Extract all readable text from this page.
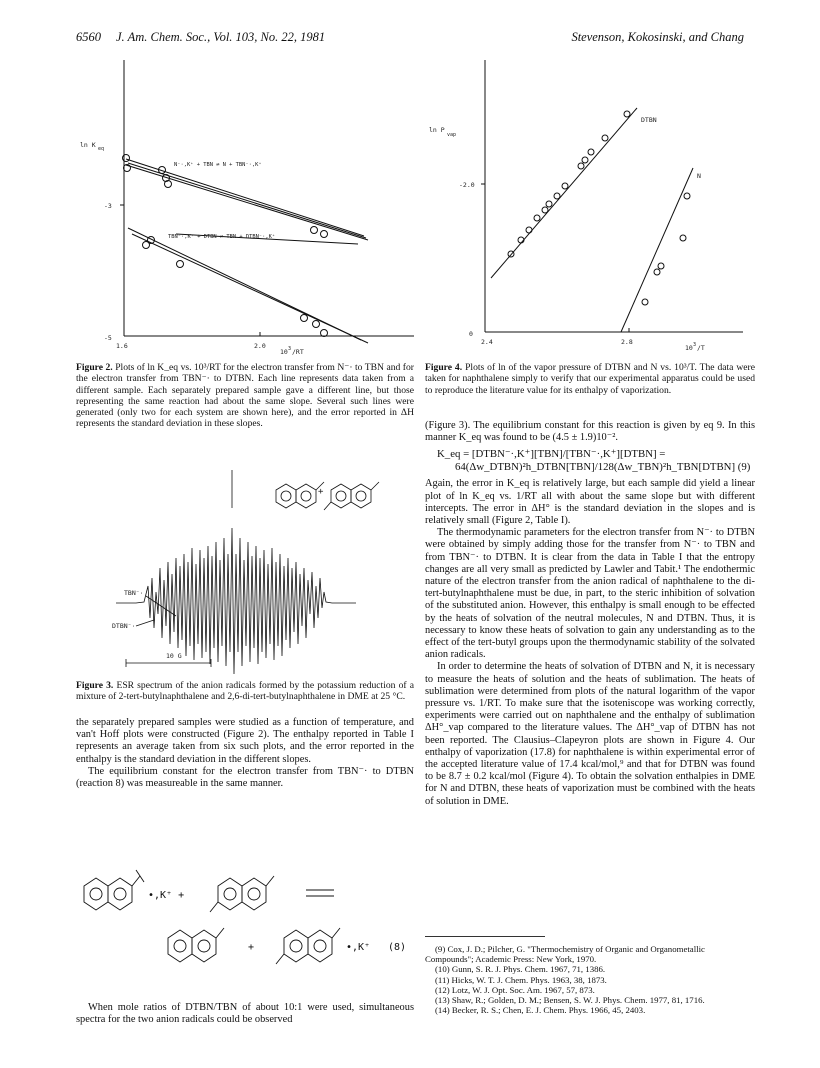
6560 J. Am. Chem. Soc., Vol. 103, No. 22, 1981	Stevenson, Kokosinski, and Chang
ln K eq
-3
-5
1.6	2.0
10 3 /RT
N⁻·,K⁺ + TBN ⇌ N + TBN⁻·,K⁺
TBN⁻·,K⁺ + DTBN ⇌ TBN + DTBN⁻·,K⁺
Figure 2. Plots of ln K_eq vs. 10³/RT for the electron transfer from N⁻· to TBN and for the electron transfer from TBN⁻· to DTBN. Each line represents data taken from a different sample. Each separately prepared sample gave a different line, but those representing the same reaction had about the same slope. Several such lines were generated (only two for each system are shown here), and the error reported in ΔH represents the standard deviation in these slopes.
TBN⁻·
DTBN⁻·
10 G
+
Figure 3. ESR spectrum of the anion radicals formed by the potassium reduction of a mixture of 2-tert-butylnaphthalene and 2,6-di-tert-butylnaphthalene in DME at 25 °C.

the separately prepared samples were studied as a function of temperature, and van't Hoff plots were constructed (Figure 2). The enthalpy reported in Table I represents an average taken from six such plots, and the error reported in the enthalpy is the standard deviation in the different slopes.

The equilibrium constant for the electron transfer from TBN⁻· to DTBN (reaction 8) was measureable in the same manner.

•,K⁺ +
+	•,K⁺ (8)

When mole ratios of DTBN/TBN of about 10:1 were used, simultaneous spectra for the two anion radicals could be observed

ln P
vap
-2.0
0
2.4	2.8
10 3 /T
DTBN
N
Figure 4. Plots of ln of the vapor pressure of DTBN and N vs. 10³/T. The data were taken for naphthalene simply to verify that our experimental apparatus could be used to reproduce the literature value for its enthalpy of vaporization.

(Figure 3). The equilibrium constant for this reaction is given by eq 9. In this manner K_eq was found to be (4.5 ± 1.9)10⁻².

K_eq = [DTBN⁻·,K⁺][TBN]/[TBN⁻·,K⁺][DTBN] =
64(Δw_DTBN)²h_DTBN[TBN]/128(Δw_TBN)²h_TBN[DTBN] (9)

Again, the error in K_eq is relatively large, but each sample did yield a linear plot of ln K_eq vs. 1/RT all with about the same slope but with different intercepts. The error in ΔH° is the standard deviation in the slopes and is relatively small (Figure 2, Table I).

The thermodynamic parameters for the electron transfer from N⁻· to DTBN were obtained by simply adding those for the transfer from N⁻· to TBN and from TBN⁻· to DTBN. It is clear from the data in Table I that the entropy changes are all very small as predicted by Lawler and Tabit.¹ The endothermic nature of the electron transfer from the anion radical of naphthalene to the di-tert-butylnaphthalene must be due, in part, to the steric inhibition of solvation of the substituted anion. However, this enthalpy is small enough to be effected by the heats of solvation of the neutral molecules, N and DTBN. Thus, it is necessary to know these heats of solvation to gain any understanding as to the effect of the tert-butyl groups upon the thermodynamic stability of the solvated anion radicals.

In order to determine the heats of solvation of DTBN and N, it is necessary to measure the heats of solution and the heats of sublimation. The heats of sublimation were determined from plots of the natural logarithm of the vapor pressure vs. 1/RT. To make sure that the isoteniscope was working correctly, experiments were carried out on naphthalene and the enthalpy of sublimation ΔH°_vap compared to the literature values. The ΔH°_vap of DTBN has not been reported. The Clausius–Clapeyron plots are shown in Figure 4. Our enthalpy of vaporization (17.8) for naphthalene is within experimental error of the accepted literature value of 17.4 kcal/mol,⁹ and that for DTBN was found to be 8.7 ± 0.2 kcal/mol (Figure 4). To obtain the solvation enthalpies in DME for N and DTBN, these heats of vaporization must be combined with the heats of solution in DME.

(9) Cox, J. D.; Pilcher, G. "Thermochemistry of Organic and Organometallic Compounds"; Academic Press: New York, 1970.
(10) Gunn, S. R. J. Phys. Chem. 1967, 71, 1386.
(11) Hicks, W. T. J. Chem. Phys. 1963, 38, 1873.
(12) Lotz, W. J. Opt. Soc. Am. 1967, 57, 873.
(13) Shaw, R.; Golden, D. M.; Bensen, S. W. J. Phys. Chem. 1977, 81, 1716.
(14) Becker, R. S.; Chen, E. J. Chem. Phys. 1966, 45, 2403.
